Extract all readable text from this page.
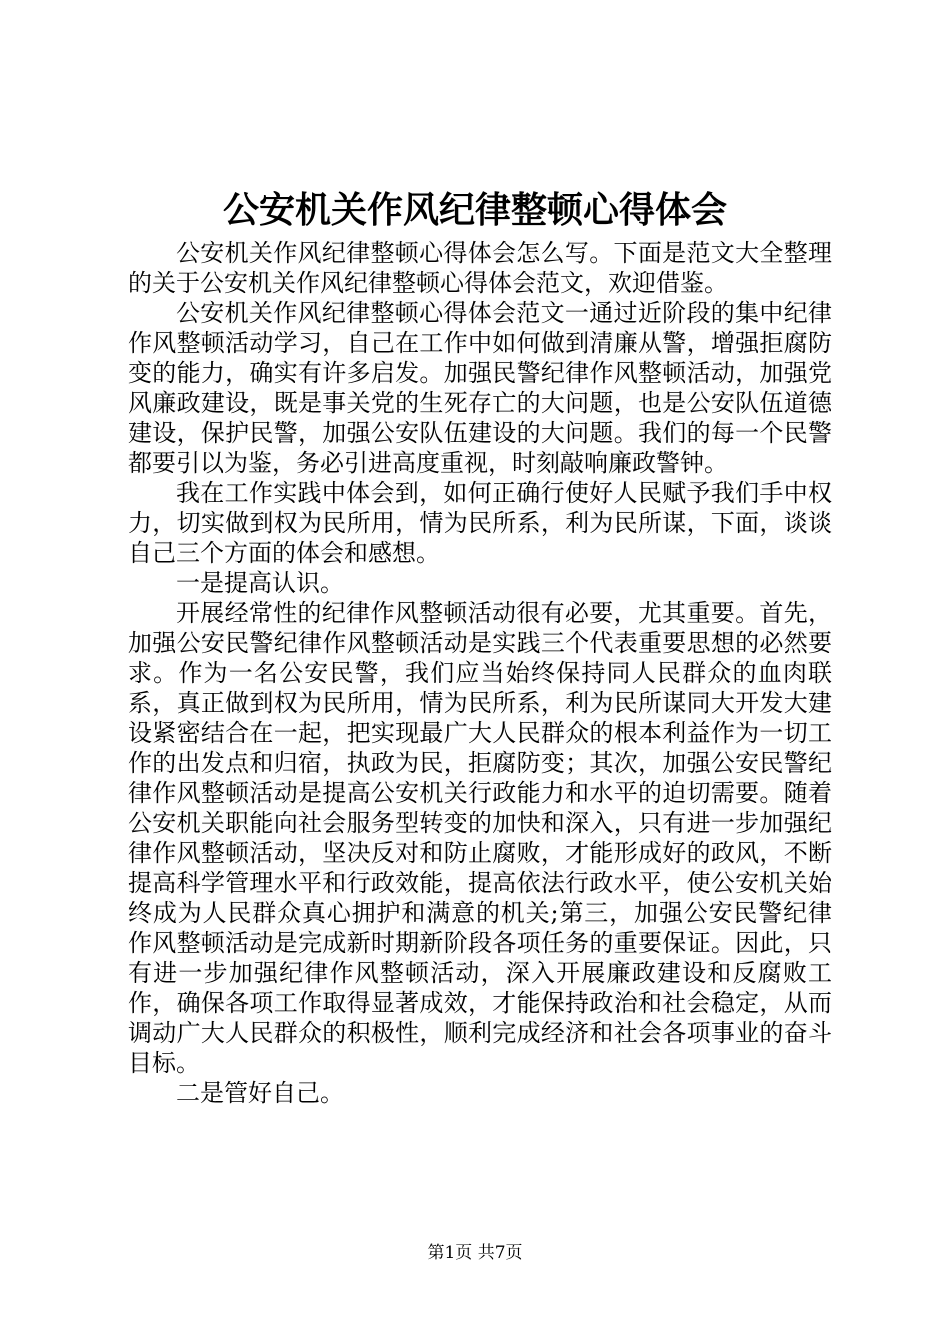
公安机关作风纪律整顿心得体会

公安机关作风纪律整顿心得体会怎么写。下面是范文大全整理的关于公安机关作风纪律整顿心得体会范文，欢迎借鉴。

公安机关作风纪律整顿心得体会范文一通过近阶段的集中纪律作风整顿活动学习，自己在工作中如何做到清廉从警，增强拒腐防变的能力，确实有许多启发。加强民警纪律作风整顿活动，加强党风廉政建设，既是事关党的生死存亡的大问题，也是公安队伍道德建设，保护民警，加强公安队伍建设的大问题。我们的每一个民警都要引以为鉴，务必引进高度重视，时刻敲响廉政警钟。

我在工作实践中体会到，如何正确行使好人民赋予我们手中权力，切实做到权为民所用，情为民所系，利为民所谋，下面，谈谈自己三个方面的体会和感想。

一是提高认识。

开展经常性的纪律作风整顿活动很有必要，尤其重要。首先，加强公安民警纪律作风整顿活动是实践三个代表重要思想的必然要求。作为一名公安民警，我们应当始终保持同人民群众的血肉联系，真正做到权为民所用，情为民所系，利为民所谋同大开发大建设紧密结合在一起，把实现最广大人民群众的根本利益作为一切工作的出发点和归宿，执政为民，拒腐防变；其次，加强公安民警纪律作风整顿活动是提高公安机关行政能力和水平的迫切需要。随着公安机关职能向社会服务型转变的加快和深入，只有进一步加强纪律作风整顿活动，坚决反对和防止腐败，才能形成好的政风，不断提高科学管理水平和行政效能，提高依法行政水平，使公安机关始终成为人民群众真心拥护和满意的机关;第三，加强公安民警纪律作风整顿活动是完成新时期新阶段各项任务的重要保证。因此，只有进一步加强纪律作风整顿活动，深入开展廉政建设和反腐败工作，确保各项工作取得显著成效，才能保持政治和社会稳定，从而调动广大人民群众的积极性，顺利完成经济和社会各项事业的奋斗目标。

二是管好自己。

第1页 共7页
